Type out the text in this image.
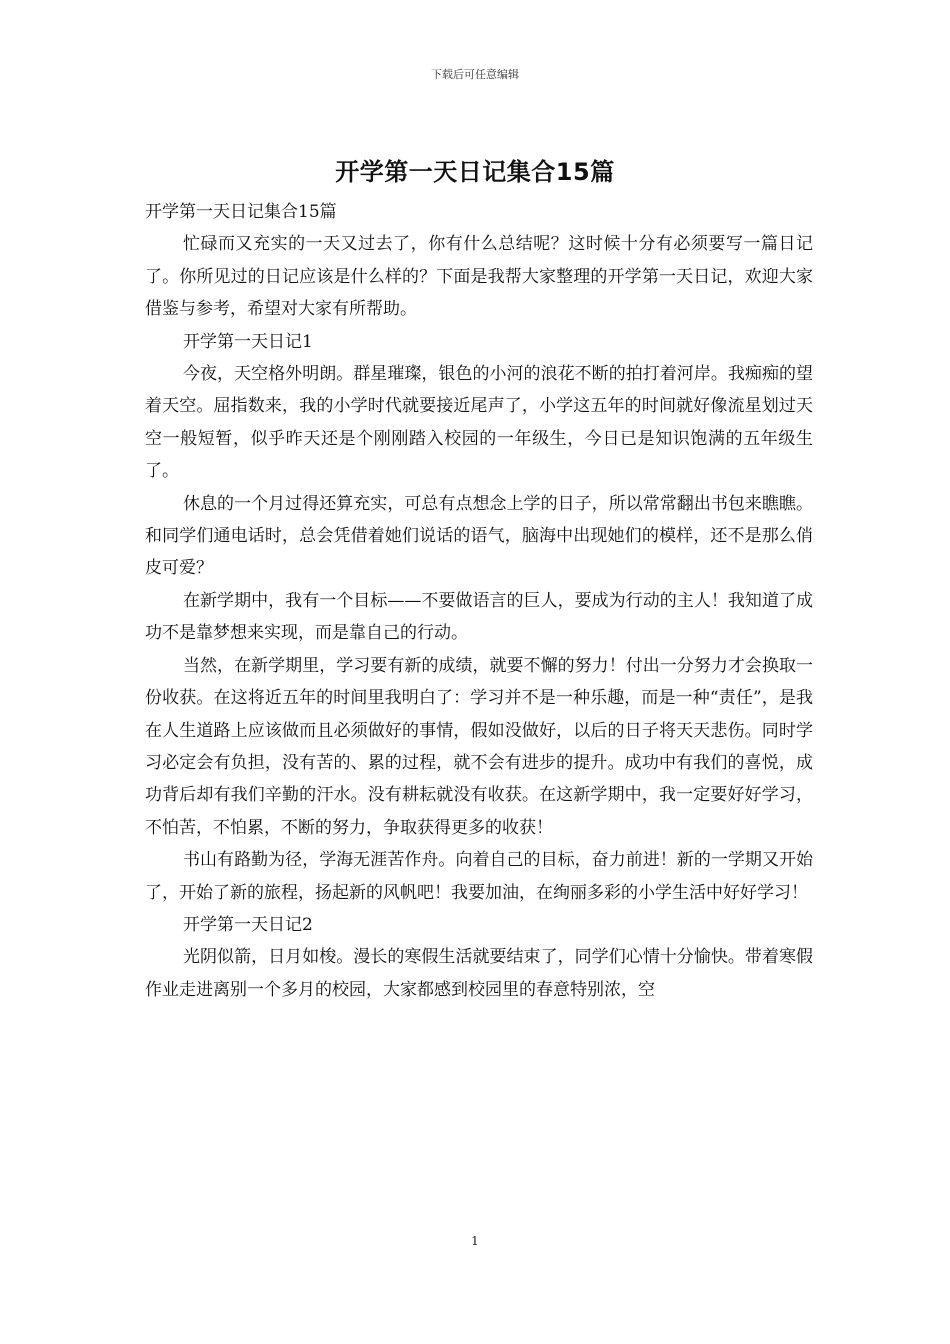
下载后可任意编辑
开学第一天日记集合15篇

开学第一天日记集合15篇

忙碌而又充实的一天又过去了，你有什么总结呢？这时候十分有必须要写一篇日记了。你所见过的日记应该是什么样的？下面是我帮大家整理的开学第一天日记，欢迎大家借鉴与参考，希望对大家有所帮助。

开学第一天日记1

今夜，天空格外明朗。群星璀璨，银色的小河的浪花不断的拍打着河岸。我痴痴的望着天空。屈指数来，我的小学时代就要接近尾声了，小学这五年的时间就好像流星划过天空一般短暂，似乎昨天还是个刚刚踏入校园的一年级生，今日已是知识饱满的五年级生了。

休息的一个月过得还算充实，可总有点想念上学的日子，所以常常翻出书包来瞧瞧。和同学们通电话时，总会凭借着她们说话的语气，脑海中出现她们的模样，还不是那么俏皮可爱？

在新学期中，我有一个目标——不要做语言的巨人，要成为行动的主人！我知道了成功不是靠梦想来实现，而是靠自己的行动。

当然，在新学期里，学习要有新的成绩，就要不懈的努力！付出一分努力才会换取一份收获。在这将近五年的时间里我明白了：学习并不是一种乐趣，而是一种“责任”，是我在人生道路上应该做而且必须做好的事情，假如没做好，以后的日子将天天悲伤。同时学习必定会有负担，没有苦的、累的过程，就不会有进步的提升。成功中有我们的喜悦，成功背后却有我们辛勤的汗水。没有耕耘就没有收获。在这新学期中，我一定要好好学习，不怕苦，不怕累，不断的努力，争取获得更多的收获！

书山有路勤为径，学海无涯苦作舟。向着自己的目标，奋力前进！新的一学期又开始了，开始了新的旅程，扬起新的风帆吧！我要加油，在绚丽多彩的小学生活中好好学习！

开学第一天日记2

光阴似箭，日月如梭。漫长的寒假生活就要结束了，同学们心情十分愉快。带着寒假作业走进离别一个多月的校园，大家都感到校园里的春意特别浓，空

1
